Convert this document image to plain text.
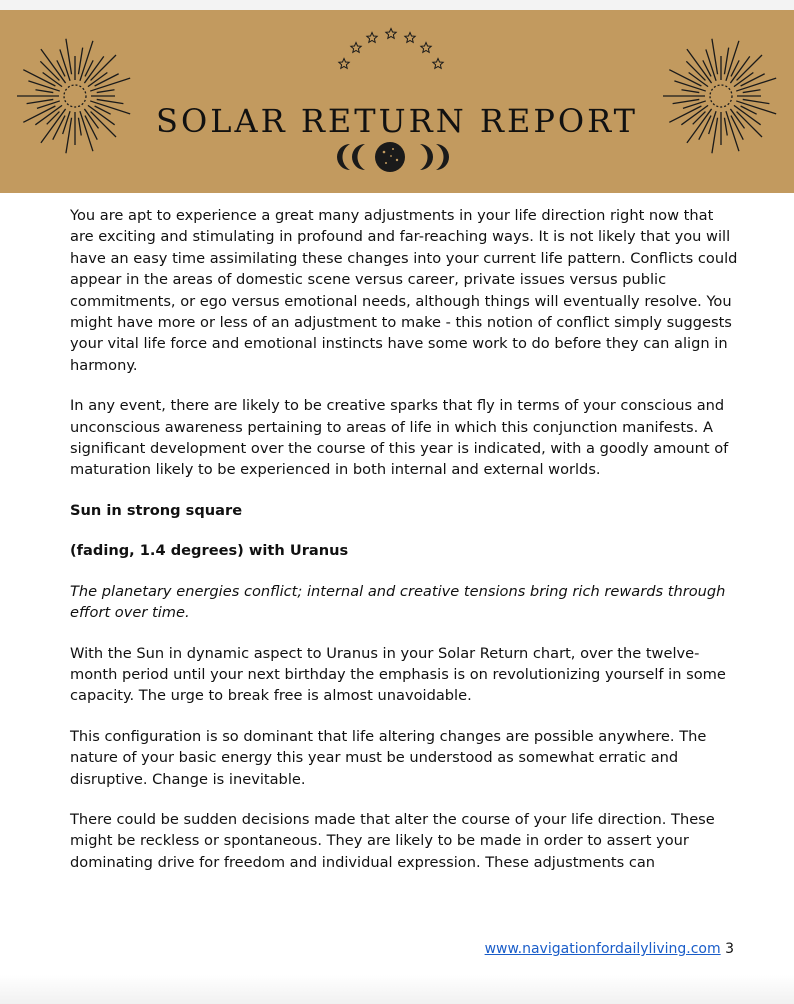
SOLAR RETURN REPORT

You are apt to experience a great many adjustments in your life direction right now that are exciting and stimulating in profound and far-reaching ways. It is not likely that you will have an easy time assimilating these changes into your current life pattern. Conflicts could appear in the areas of domestic scene versus career, private issues versus public commitments, or ego versus emotional needs, although things will eventually resolve. You might have more or less of an adjustment to make - this notion of conflict simply suggests your vital life force and emotional instincts have some work to do before they can align in harmony.

In any event, there are likely to be creative sparks that fly in terms of your conscious and unconscious awareness pertaining to areas of life in which this conjunction manifests. A significant development over the course of this year is indicated, with a goodly amount of maturation likely to be experienced in both internal and external worlds.

Sun in strong square

(fading, 1.4 degrees) with Uranus

The planetary energies conflict; internal and creative tensions bring rich rewards through effort over time.

With the Sun in dynamic aspect to Uranus in your Solar Return chart, over the twelve-month period until your next birthday the emphasis is on revolutionizing yourself in some capacity. The urge to break free is almost unavoidable.

This configuration is so dominant that life altering changes are possible anywhere. The nature of your basic energy this year must be understood as somewhat erratic and disruptive. Change is inevitable.

There could be sudden decisions made that alter the course of your life direction. These might be reckless or spontaneous. They are likely to be made in order to assert your dominating drive for freedom and individual expression. These adjustments can

www.navigationfordailyliving.com 3
